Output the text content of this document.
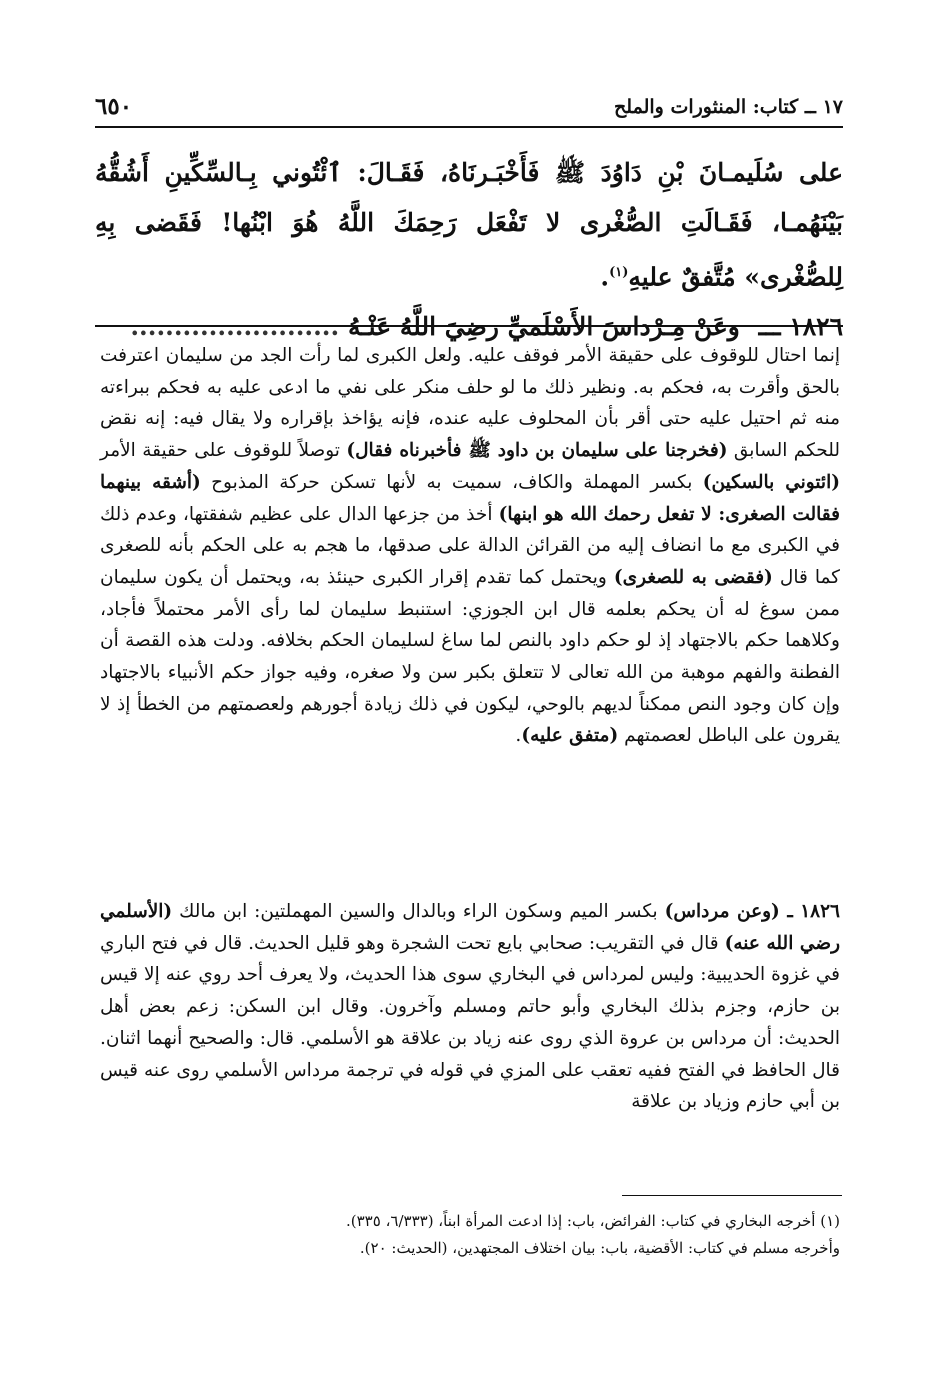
١٧ ــ كتاب: المنثورات والملح
٦٥٠

على سُلَيمـانَ بْنِ دَاوُدَ ﷺ فَأَخْبَـرنَاهُ، فَقَـالَ: ٱئْتُوني بِـالسِّكِّينِ أَشُقُّهُ بَيْنَهُمـا، فَقَـالَتِ الصُّغْرى لا تَفْعَل رَحِمَكَ اللَّهُ هُوَ ابْنُها! فَقَضى بِهِ لِلصُّغْرى» مُتَّفقٌ عليهِ$^{(١)}$.
١٨٢٦ ـــ وعَنْ مِـرْداسَ الأَسْلَميِّ رضِيَ اللَّهُ عَنْـهُ ........................

إنما احتال للوقوف على حقيقة الأمر فوقف عليه. ولعل الكبرى لما رأت الجد من سليمان اعترفت بالحق وأقرت به، فحكم به. ونظير ذلك ما لو حلف منكر على نفي ما ادعى عليه به فحكم ببراءته منه ثم احتيل عليه حتى أقر بأن المحلوف عليه عنده، فإنه يؤاخذ بإقراره ولا يقال فيه: إنه نقض للحكم السابق (فخرجنا على سليمان بن داود ﷺ فأخبرناه فقال) توصلاً للوقوف على حقيقة الأمر (ائتوني بالسكين) بكسر المهملة والكاف، سميت به لأنها تسكن حركة المذبوح (أشقه بينهما فقالت الصغرى: لا تفعل رحمك الله هو ابنها) أخذ من جزعها الدال على عظيم شفقتها، وعدم ذلك في الكبرى مع ما انضاف إليه من القرائن الدالة على صدقها، ما هجم به على الحكم بأنه للصغرى كما قال (فقضى به للصغرى) ويحتمل كما تقدم إقرار الكبرى حينئذ به، ويحتمل أن يكون سليمان ممن سوغ له أن يحكم بعلمه قال ابن الجوزي: استنبط سليمان لما رأى الأمر محتملاً فأجاد، وكلاهما حكم بالاجتهاد إذ لو حكم داود بالنص لما ساغ لسليمان الحكم بخلافه. ودلت هذه القصة أن الفطنة والفهم موهبة من الله تعالى لا تتعلق بكبر سن ولا صغره، وفيه جواز حكم الأنبياء بالاجتهاد وإن كان وجود النص ممكناً لديهم بالوحي، ليكون في ذلك زيادة أجورهم ولعصمتهم من الخطأ إذ لا يقرون على الباطل لعصمتهم (متفق عليه).

١٨٢٦ ـ (وعن مرداس) بكسر الميم وسكون الراء وبالدال والسين المهملتين: ابن مالك (الأسلمي رضي الله عنه) قال في التقريب: صحابي بايع تحت الشجرة وهو قليل الحديث. قال في فتح الباري في غزوة الحديبية: وليس لمرداس في البخاري سوى هذا الحديث، ولا يعرف أحد روي عنه إلا قيس بن حازم، وجزم بذلك البخاري وأبو حاتم ومسلم وآخرون. وقال ابن السكن: زعم بعض أهل الحديث: أن مرداس بن عروة الذي روى عنه زياد بن علاقة هو الأسلمي. قال: والصحيح أنهما اثنان. قال الحافظ في الفتح ففيه تعقب على المزي في قوله في ترجمة مرداس الأسلمي روى عنه قيس بن أبي حازم وزياد بن علاقة

(١) أخرجه البخاري في كتاب: الفرائض، باب: إذا ادعت المرأة ابناً، (٦/٣٣٣، ٣٣٥).
وأخرجه مسلم في كتاب: الأقضية، باب: بيان اختلاف المجتهدين، (الحديث: ٢٠).
